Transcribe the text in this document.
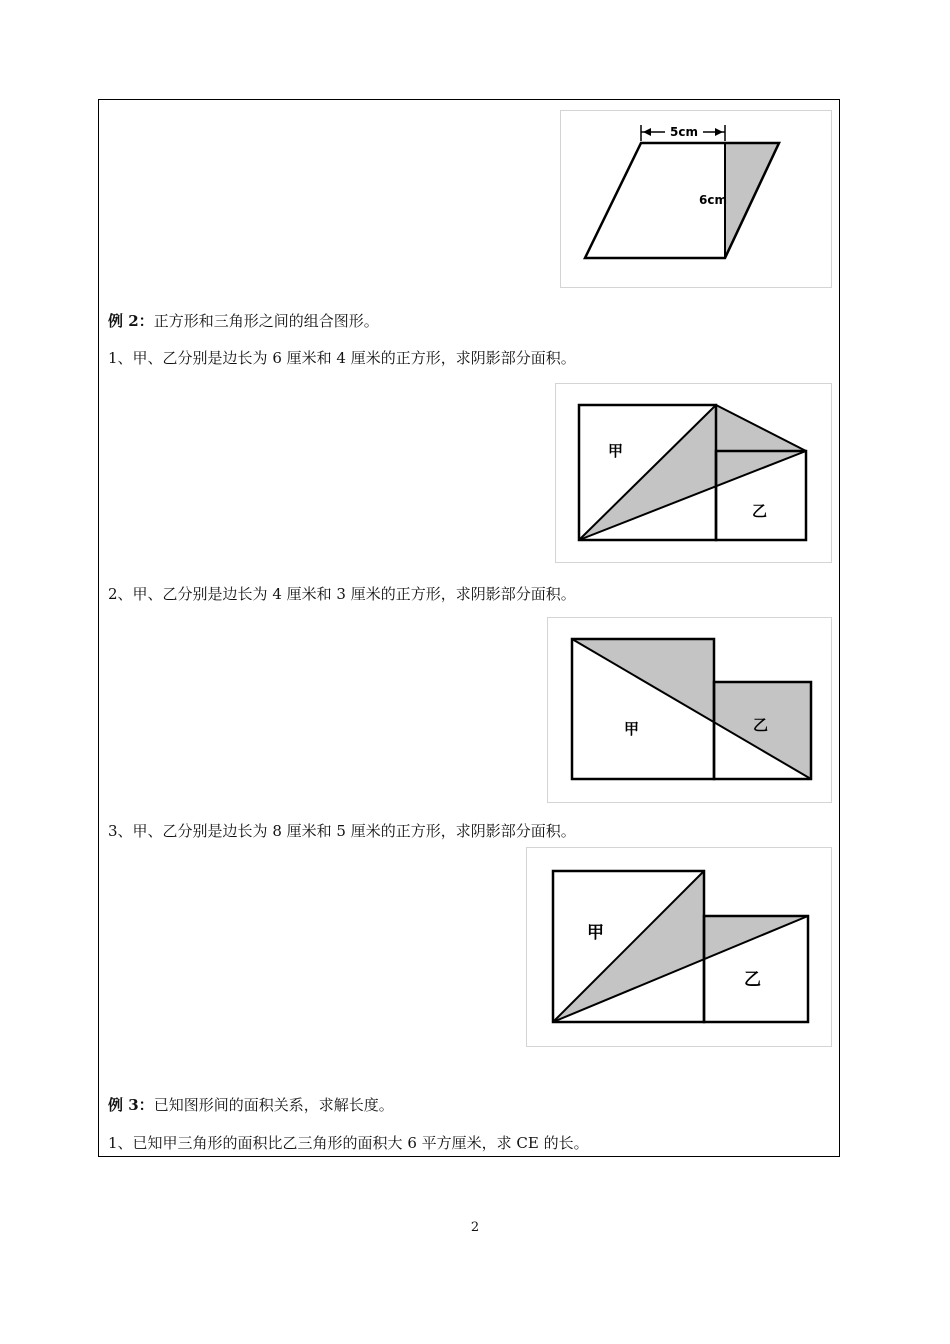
5cm
6cm
例 2：正方形和三角形之间的组合图形。
1、甲、乙分别是边长为 6 厘米和 4 厘米的正方形，求阴影部分面积。
甲
乙
2、甲、乙分别是边长为 4 厘米和 3 厘米的正方形，求阴影部分面积。
甲	乙
3、甲、乙分别是边长为 8 厘米和 5 厘米的正方形，求阴影部分面积。
甲
乙
例 3：已知图形间的面积关系，求解长度。
1、已知甲三角形的面积比乙三角形的面积大 6 平方厘米，求 CE 的长。
2
